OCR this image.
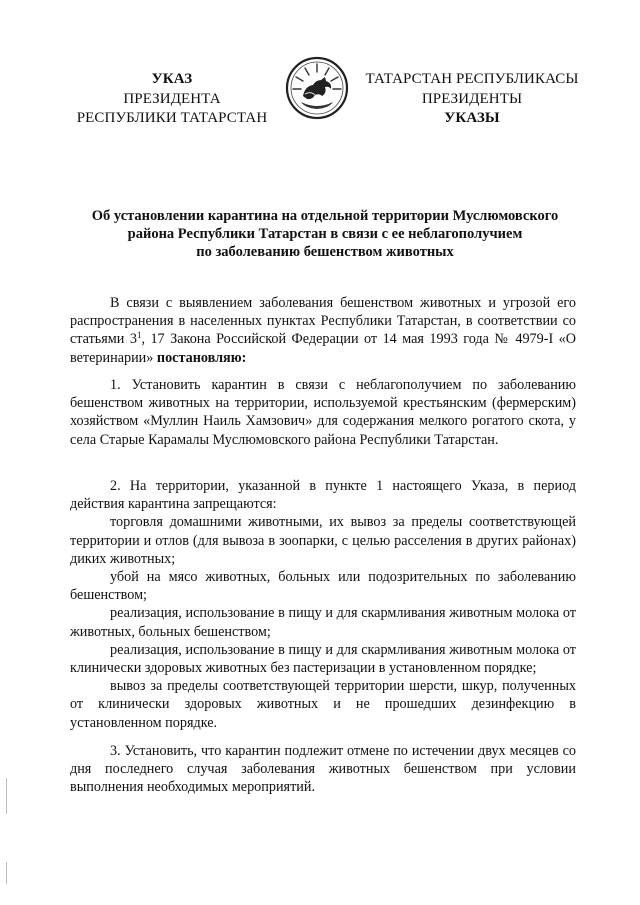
УКАЗ
ПРЕЗИДЕНТА
РЕСПУБЛИКИ ТАТАРСТАН
ТАТАРСТАН РЕСПУБЛИКАСЫ
ПРЕЗИДЕНТЫ
УКАЗЫ
Об установлении карантина на отдельной территории Муслюмовского
района Республики Татарстан в связи с ее неблагополучием
по заболеванию бешенством животных

В связи с выявлением заболевания бешенством животных и угрозой его распространения в населенных пунктах Республики Татарстан, в соответствии со статьями $3^1$, 17 Закона Российской Федерации от 14 мая 1993 года № 4979-I «О ветеринарии» постановляю:

1. Установить карантин в связи с неблагополучием по заболеванию бешенством животных на территории, используемой крестьянским (фермерским) хозяйством «Муллин Наиль Хамзович» для содержания мелкого рогатого скота, у села Старые Карамалы Муслюмовского района Республики Татарстан.

2. На территории, указанной в пункте 1 настоящего Указа, в период действия карантина запрещаются:

торговля домашними животными, их вывоз за пределы соответствующей территории и отлов (для вывоза в зоопарки, с целью расселения в других районах) диких животных;

убой на мясо животных, больных или подозрительных по заболеванию бешенством;

реализация, использование в пищу и для скармливания животным молока от животных, больных бешенством;

реализация, использование в пищу и для скармливания животным молока от клинически здоровых животных без пастеризации в установленном порядке;

вывоз за пределы соответствующей территории шерсти, шкур, полученных от клинически здоровых животных и не прошедших дезинфекцию в установленном порядке.

3. Установить, что карантин подлежит отмене по истечении двух месяцев со дня последнего случая заболевания животных бешенством при условии выполнения необходимых мероприятий.
